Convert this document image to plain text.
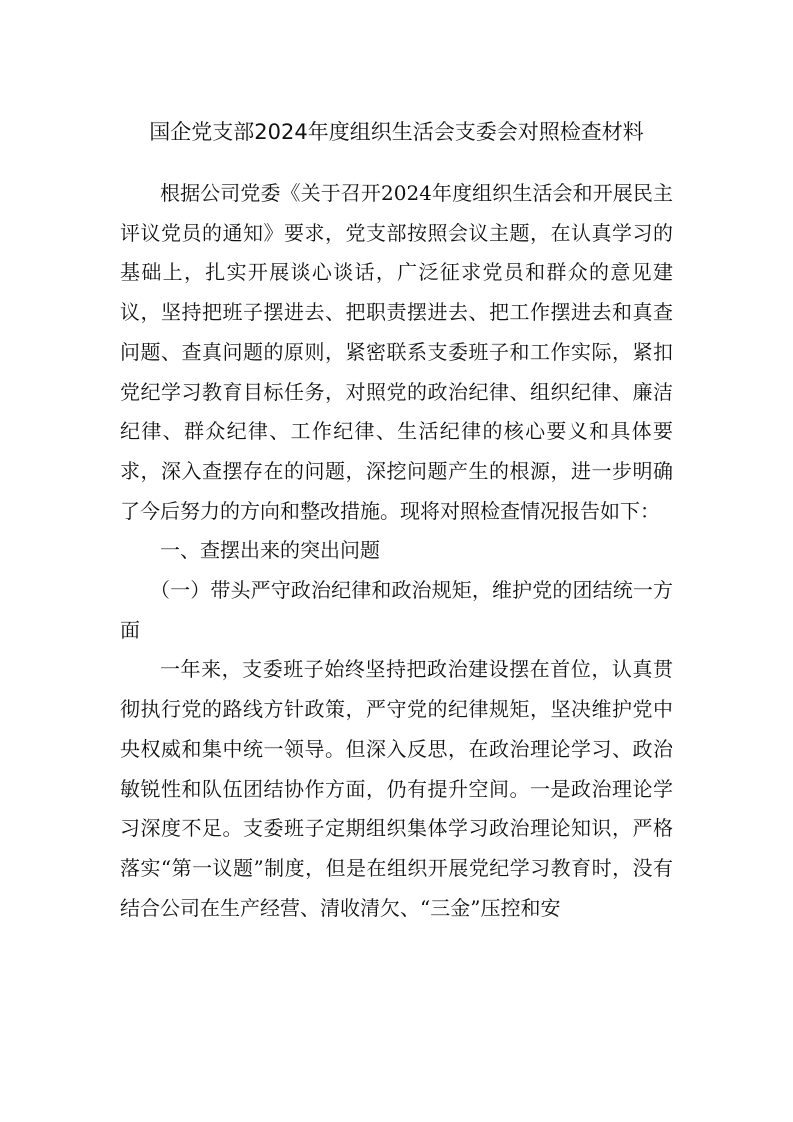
国企党支部2024年度组织生活会支委会对照检查材料

根据公司党委《关于召开2024年度组织生活会和开展民主评议党员的通知》要求，党支部按照会议主题，在认真学习的基础上，扎实开展谈心谈话，广泛征求党员和群众的意见建议，坚持把班子摆进去、把职责摆进去、把工作摆进去和真查问题、查真问题的原则，紧密联系支委班子和工作实际，紧扣党纪学习教育目标任务，对照党的政治纪律、组织纪律、廉洁纪律、群众纪律、工作纪律、生活纪律的核心要义和具体要求，深入查摆存在的问题，深挖问题产生的根源，进一步明确了今后努力的方向和整改措施。现将对照检查情况报告如下：

一、查摆出来的突出问题

（一）带头严守政治纪律和政治规矩，维护党的团结统一方面

一年来，支委班子始终坚持把政治建设摆在首位，认真贯彻执行党的路线方针政策，严守党的纪律规矩，坚决维护党中央权威和集中统一领导。但深入反思，在政治理论学习、政治敏锐性和队伍团结协作方面，仍有提升空间。一是政治理论学习深度不足。支委班子定期组织集体学习政治理论知识，严格落实“第一议题”制度，但是在组织开展党纪学习教育时，没有结合公司在生产经营、清收清欠、“三金”压控和安
